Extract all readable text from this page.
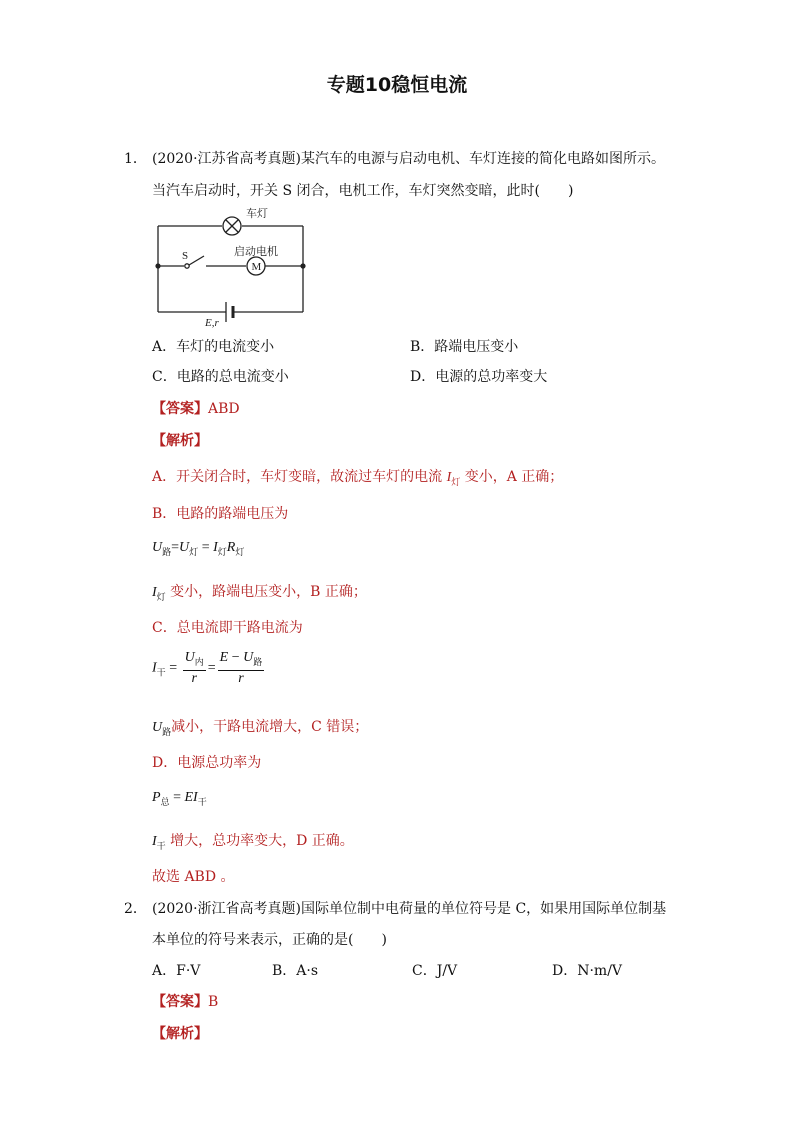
专题10稳恒电流
1． (2020·江苏省高考真题)某汽车的电源与启动电机、车灯连接的简化电路如图所示。
当汽车启动时，开关 S 闭合，电机工作，车灯突然变暗，此时(　　)
车灯
S	启动电机
M
E,r
A．车灯的电流变小	B．路端电压变小
C．电路的总电流变小	D．电源的总功率变大
【答案】ABD
【解析】
A．开关闭合时，车灯变暗，故流过车灯的电流 $I_灯$ 变小，A 正确；
B．电路的路端电压为
$U_路=U_灯 = I_灯R_灯$
$I_灯$ 变小，路端电压变小，B 正确；
C．总电流即干路电流为
$I_干 = \frac{U_内}{r} = \frac{E - U_路}{r}$
$U_路$减小，干路电流增大，C 错误；
D．电源总功率为
$P_总 = EI_干$
$I_干$ 增大，总功率变大，D 正确。
故选 ABD 。
2． (2020·浙江省高考真题)国际单位制中电荷量的单位符号是 C，如果用国际单位制基
本单位的符号来表示，正确的是(　　)
A．F·V	B．A·s	C．J/V	D．N·m/V
【答案】B
【解析】
